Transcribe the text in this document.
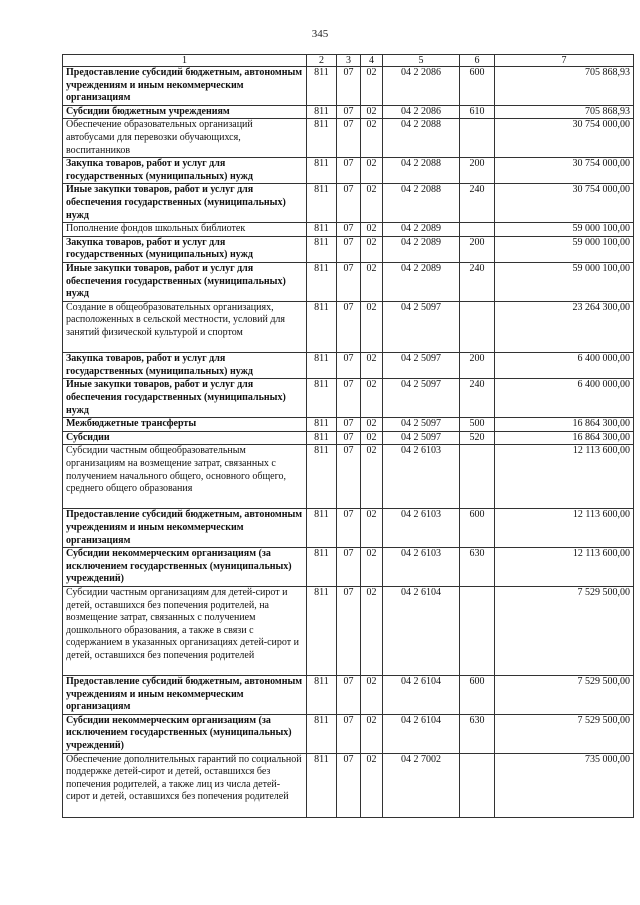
345
1	2	3	4	5	6	7
Предоставление субсидий бюджетным, автономным учреждениям и иным некоммерческим организациям	811	07	02	04 2 2086	600	705 868,93
Субсидии бюджетным учреждениям	811	07	02	04 2 2086	610	705 868,93
Обеспечение образовательных организаций автобусами для перевозки обучающихся, воспитанников	811	07	02	04 2 2088		30 754 000,00
Закупка товаров, работ и услуг для государственных (муниципальных) нужд	811	07	02	04 2 2088	200	30 754 000,00
Иные закупки товаров, работ и услуг для обеспечения государственных (муниципальных) нужд	811	07	02	04 2 2088	240	30 754 000,00
Пополнение фондов школьных библиотек	811	07	02	04 2 2089		59 000 100,00
Закупка товаров, работ и услуг для государственных (муниципальных) нужд	811	07	02	04 2 2089	200	59 000 100,00
Иные закупки товаров, работ и услуг для обеспечения государственных (муниципальных) нужд	811	07	02	04 2 2089	240	59 000 100,00
Создание в общеобразовательных организациях, расположенных в сельской местности, условий для занятий физической культурой и спортом	811	07	02	04 2 5097		23 264 300,00
Закупка товаров, работ и услуг для государственных (муниципальных) нужд	811	07	02	04 2 5097	200	6 400 000,00
Иные закупки товаров, работ и услуг для обеспечения государственных (муниципальных) нужд	811	07	02	04 2 5097	240	6 400 000,00
Межбюджетные трансферты	811	07	02	04 2 5097	500	16 864 300,00
Субсидии	811	07	02	04 2 5097	520	16 864 300,00
Субсидии частным общеобразовательным организациям на возмещение затрат, связанных с получением начального общего, основного общего, среднего общего образования	811	07	02	04 2 6103		12 113 600,00
Предоставление субсидий бюджетным, автономным учреждениям и иным некоммерческим организациям	811	07	02	04 2 6103	600	12 113 600,00
Субсидии некоммерческим организациям (за исключением государственных (муниципальных) учреждений)	811	07	02	04 2 6103	630	12 113 600,00
Субсидии частным организациям для детей-сирот и детей, оставшихся без попечения родителей, на возмещение затрат, связанных с получением дошкольного образования, а также в связи с содержанием в указанных организациях детей-сирот и детей, оставшихся без попечения родителей	811	07	02	04 2 6104		7 529 500,00
Предоставление субсидий бюджетным, автономным учреждениям и иным некоммерческим организациям	811	07	02	04 2 6104	600	7 529 500,00
Субсидии некоммерческим организациям (за исключением государственных (муниципальных) учреждений)	811	07	02	04 2 6104	630	7 529 500,00
Обеспечение дополнительных гарантий по социальной поддержке детей-сирот и детей, оставшихся без попечения родителей, а также лиц из числа детей-сирот и детей, оставшихся без попечения родителей	811	07	02	04 2 7002		735 000,00
